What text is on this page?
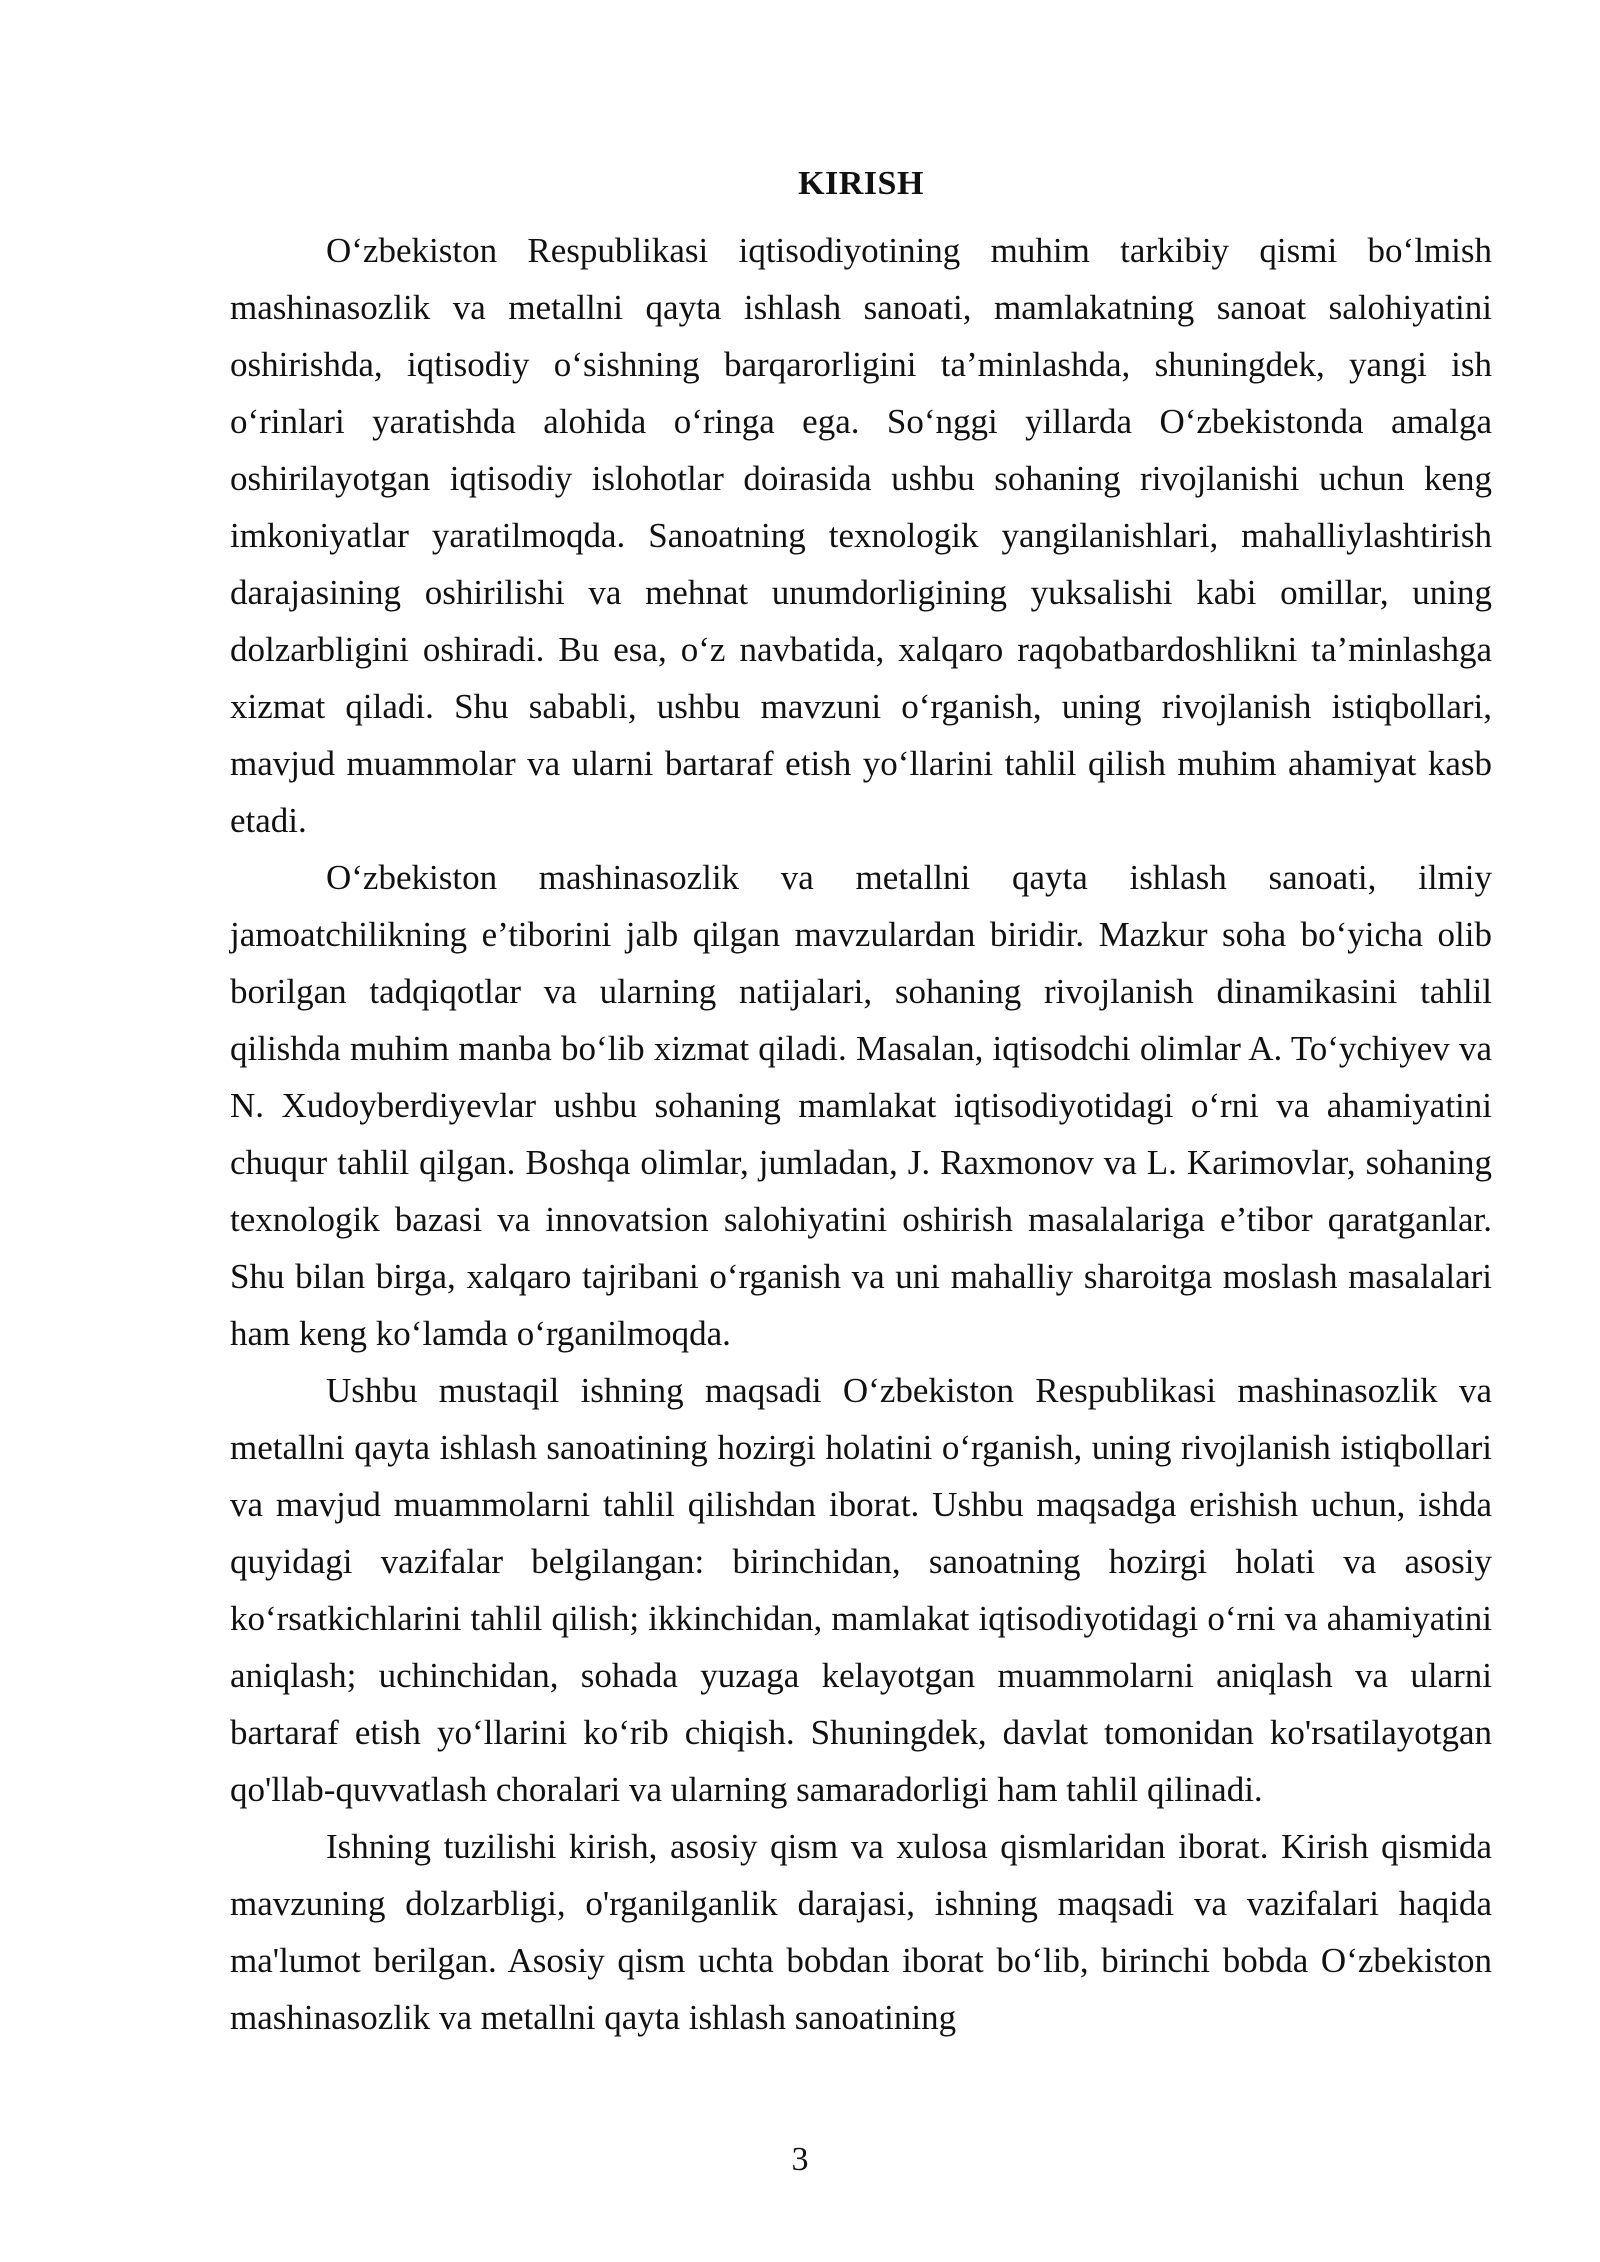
KIRISH

O‘zbekiston Respublikasi iqtisodiyotining muhim tarkibiy qismi bo‘lmish mashinasozlik va metallni qayta ishlash sanoati, mamlakatning sanoat salohiyatini oshirishda, iqtisodiy o‘sishning barqarorligini ta’minlashda, shuningdek, yangi ish o‘rinlari yaratishda alohida o‘ringa ega. So‘nggi yillarda O‘zbekistonda amalga oshirilayotgan iqtisodiy islohotlar doirasida ushbu sohaning rivojlanishi uchun keng imkoniyatlar yaratilmoqda. Sanoatning texnologik yangilanishlari, mahalliylashtirish darajasining oshirilishi va mehnat unumdorligining yuksalishi kabi omillar, uning dolzarbligini oshiradi. Bu esa, o‘z navbatida, xalqaro raqobatbardoshlikni ta’minlashga xizmat qiladi. Shu sababli, ushbu mavzuni o‘rganish, uning rivojlanish istiqbollari, mavjud muammolar va ularni bartaraf etish yo‘llarini tahlil qilish muhim ahamiyat kasb etadi.

O‘zbekiston mashinasozlik va metallni qayta ishlash sanoati, ilmiy jamoatchilikning e’tiborini jalb qilgan mavzulardan biridir. Mazkur soha bo‘yicha olib borilgan tadqiqotlar va ularning natijalari, sohaning rivojlanish dinamikasini tahlil qilishda muhim manba bo‘lib xizmat qiladi. Masalan, iqtisodchi olimlar A. To‘ychiyev va N. Xudoyberdiyevlar ushbu sohaning mamlakat iqtisodiyotidagi o‘rni va ahamiyatini chuqur tahlil qilgan. Boshqa olimlar, jumladan, J. Raxmonov va L. Karimovlar, sohaning texnologik bazasi va innovatsion salohiyatini oshirish masalalariga e’tibor qaratganlar. Shu bilan birga, xalqaro tajribani o‘rganish va uni mahalliy sharoitga moslash masalalari ham keng ko‘lamda o‘rganilmoqda.

Ushbu mustaqil ishning maqsadi O‘zbekiston Respublikasi mashinasozlik va metallni qayta ishlash sanoatining hozirgi holatini o‘rganish, uning rivojlanish istiqbollari va mavjud muammolarni tahlil qilishdan iborat. Ushbu maqsadga erishish uchun, ishda quyidagi vazifalar belgilangan: birinchidan, sanoatning hozirgi holati va asosiy ko‘rsatkichlarini tahlil qilish; ikkinchidan, mamlakat iqtisodiyotidagi o‘rni va ahamiyatini aniqlash; uchinchidan, sohada yuzaga kelayotgan muammolarni aniqlash va ularni bartaraf etish yo‘llarini ko‘rib chiqish. Shuningdek, davlat tomonidan ko'rsatilayotgan qo'llab-quvvatlash choralari va ularning samaradorligi ham tahlil qilinadi.

Ishning tuzilishi kirish, asosiy qism va xulosa qismlaridan iborat. Kirish qismida mavzuning dolzarbligi, o'rganilganlik darajasi, ishning maqsadi va vazifalari haqida ma'lumot berilgan. Asosiy qism uchta bobdan iborat bo‘lib, birinchi bobda O‘zbekiston mashinasozlik va metallni qayta ishlash sanoatining

3
